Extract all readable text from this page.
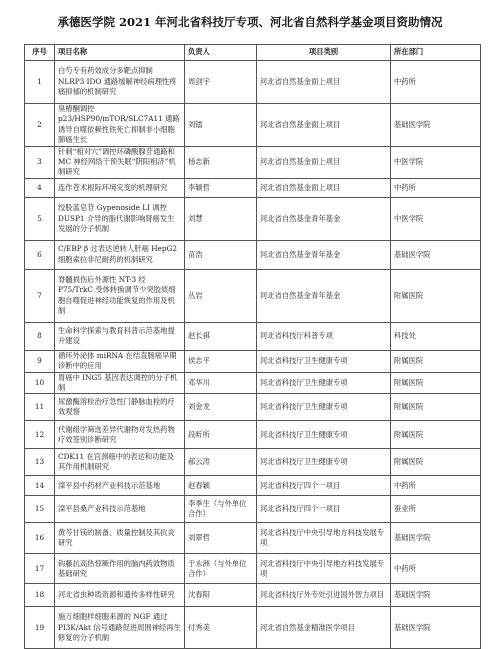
承德医学院 2021 年河北省科技厅专项、河北省自然科学基金项目资助情况
序号	项目名称	负责人	项目类别	所在部门
1	白芍专有药效成分多靶点抑制 NLRP3 IDO 通路缓解神经病理性疼痛抑郁的机制研究	周剑宇	河北省自然基金面上项目	中药所
2	臭椿酮调控 p23/HSP90/mTOR/SLC7A11 通路诱导自噬依赖性铁死亡抑制非小细胞肺癌生长	刘镭	河北省自然基金面上项目	基础医学院
3	针刺“相对穴”调控环磷酸腺苷通路和 MC 神经网络干预失眠“阴阳相济”机制研究	杨志新	河北省自然基金面上项目	中医学院
4	连作苍术根际环境灾变的机理研究	李颖哲	河北省自然基金面上项目	中药所
5	绞股蓝皂苷 Gypenoside LI 调控 DUSP1 介导的脂代谢影响肾癌发生发展的分子机制	刘慧	河北省自然基金青年基金	中医学院
6	C/EBP β 过表达逆转人肝癌 HepG2 细胞索拉非尼耐药的机制研究	苗浩	河北省自然基金青年基金	基础医学院
7	脊髓损伤后外源性 NT-3 经 P75/TrkC 受体转换调节少突胶质细胞自噬促进神经功能恢复的作用及机制	丛岩	河北省自然基金青年基金	附属医院
8	生命科学探索与教育科普示范基地提升建设	赵长祺	河北省科技厅科普专项	科技处
9	循环外泌体 miRNA 在结直肠癌早期诊断中的应用	侯志平	河北省科技厅卫生健康专项	附属医院
10	胃癌中 ING5 基因表达调控的分子机制	邓华川	河北省科技厅卫生健康专项	附属医院
11	尿激酶溶栓治疗急性门静脉血栓的疗效观察	刘金龙	河北省科技厅卫生健康专项	附属医院
12	代谢组学筛选差异代谢物对发热药物疗效签别诊断研究	段昕所	河北省科技厅卫生健康专项	附属医院
13	CDK11 在宫颈癌中的表达和功能及其作用机制研究	郝云涛	河北省科技厅卫生健康专项	附属医院
14	滦平县中药材产业科技示范基地	赵春颖	河北省科技厅四个一项目	中药所
15	滦平县桑产业科技示范基地	李季生（与外单位合作）	河北省科技厅四个一项目	蚕业所
16	黄芩甘镁的制备、质量控制及其抗炎研究	刘翠哲	河北省科技厅中央引导地方科技发展专项	基础医学院
17	钩藤抗高热惊厥作用的脑内药效物质基础研究	于永洲（与外单位合作）	河北省科技厅中央引导地方科技发展专项	中药所
18	河北省虫种质资源和遗传多样性研究	沈春阳	河北省科技厅外专处引进国外智力项目	基础医学院
19	施万细胞样细胞来源的 NGF 通过 PI3K/Akt 信号通路促进周围神经再生修复的分子机制	付秀美	河北省自然基金精准医学项目	基础医学院
